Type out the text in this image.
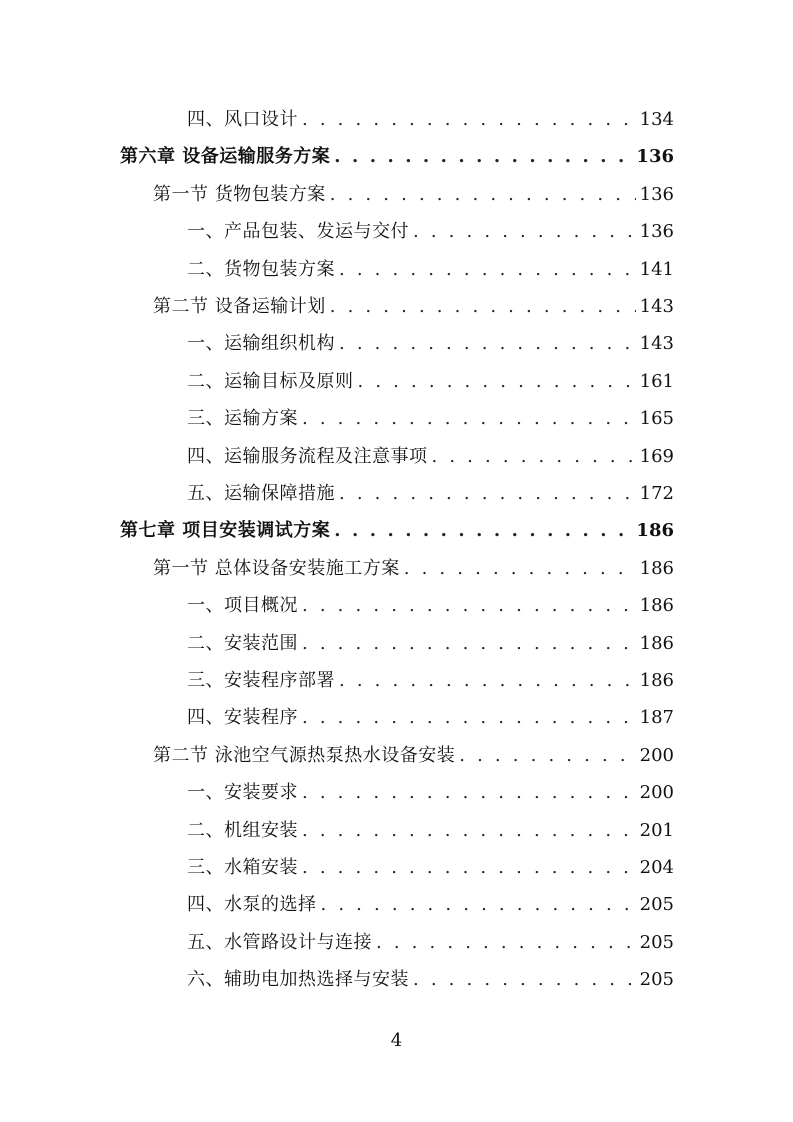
四、风口设计 . . .	134
第六章 设备运输服务方案 . . .	136
第一节 货物包装方案 . . .	136
一、产品包装、发运与交付 . . .	136
二、货物包装方案 . . .	141
第二节 设备运输计划 . . .	143
一、运输组织机构 . . .	143
二、运输目标及原则 . . .	161
三、运输方案 . . .	165
四、运输服务流程及注意事项 . . .	169
五、运输保障措施 . . .	172
第七章 项目安装调试方案 . . .	186
第一节 总体设备安装施工方案 . . .	186
一、项目概况 . . .	186
二、安装范围 . . .	186
三、安装程序部署 . . .	186
四、安装程序 . . .	187
第二节 泳池空气源热泵热水设备安装 . . .	200
一、安装要求 . . .	200
二、机组安装 . . .	201
三、水箱安装 . . .	204
四、水泵的选择 . . .	205
五、水管路设计与连接 . . .	205
六、辅助电加热选择与安装 . . .	205
4
